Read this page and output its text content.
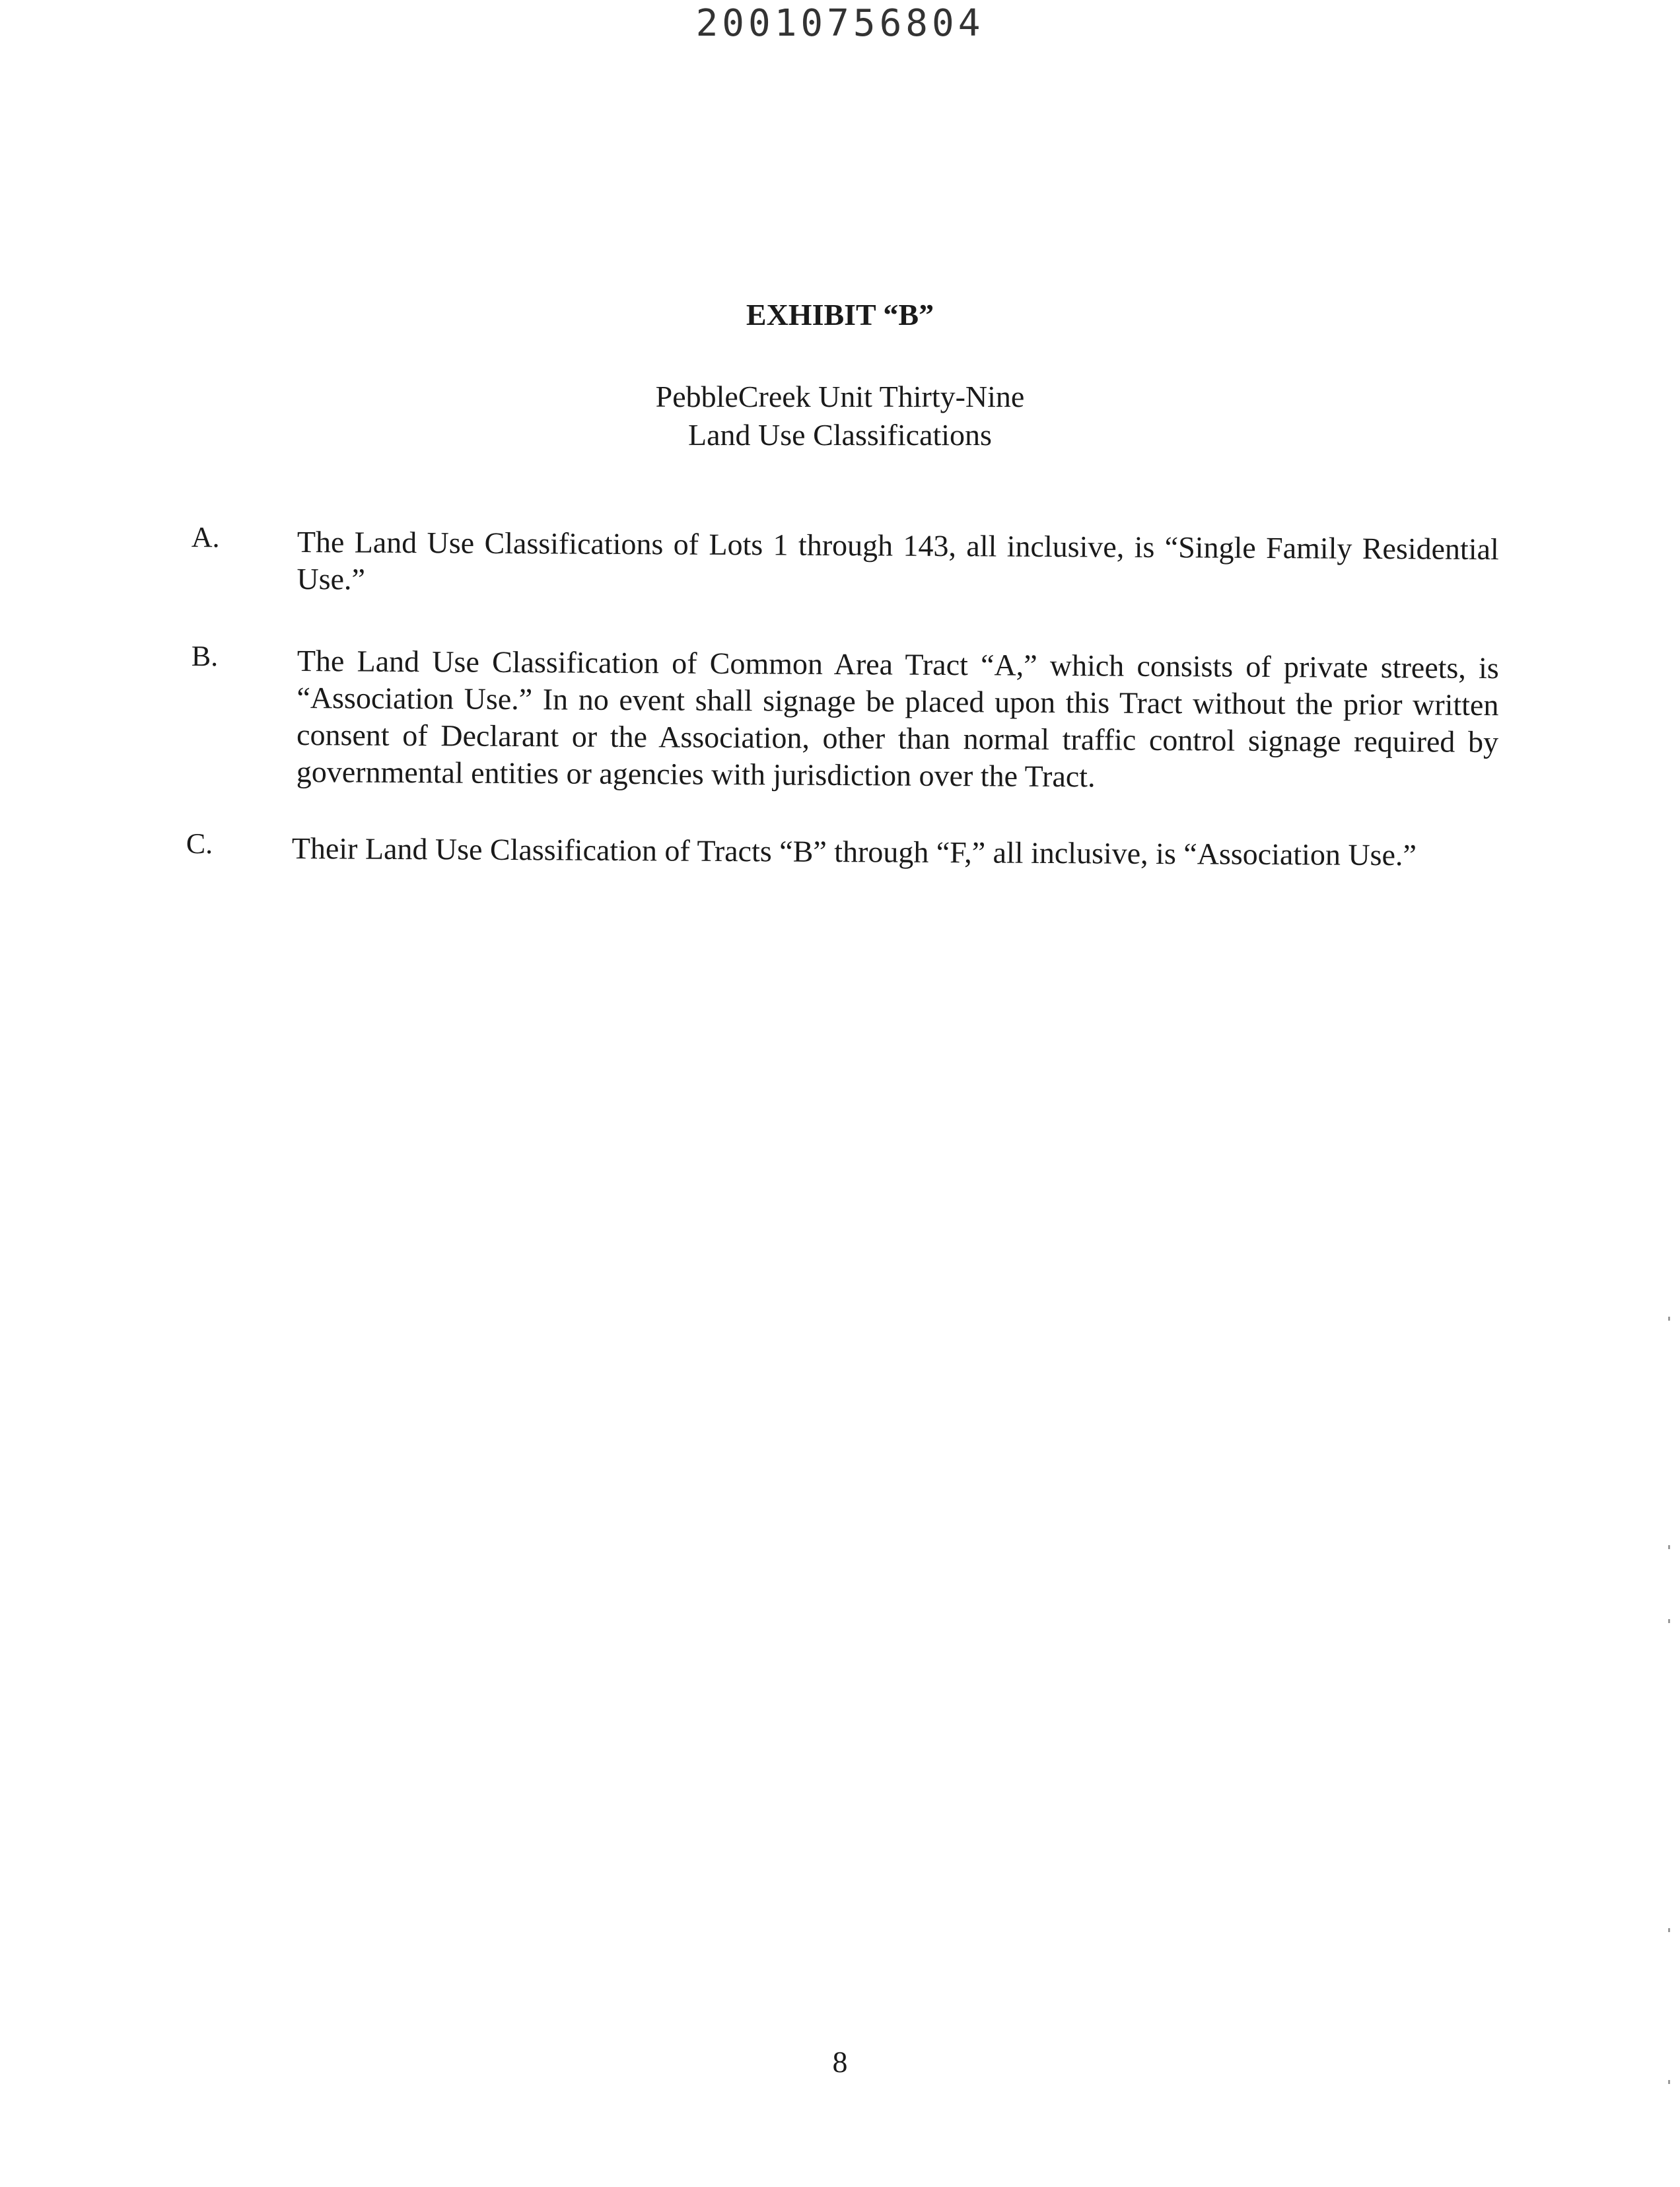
20010756804
EXHIBIT “B”
PebbleCreek Unit Thirty-Nine
Land Use Classifications
A.	The Land Use Classifications of Lots 1 through 143, all inclusive, is “Single Family Residential Use.”
B.	The Land Use Classification of Common Area Tract “A,” which consists of private streets, is “Association Use.” In no event shall signage be placed upon this Tract without the prior written consent of Declarant or the Association, other than normal traffic control signage required by governmental entities or agencies with jurisdiction over the Tract.
C.	Their Land Use Classification of Tracts “B” through “F,” all inclusive, is “Association Use.”
8
